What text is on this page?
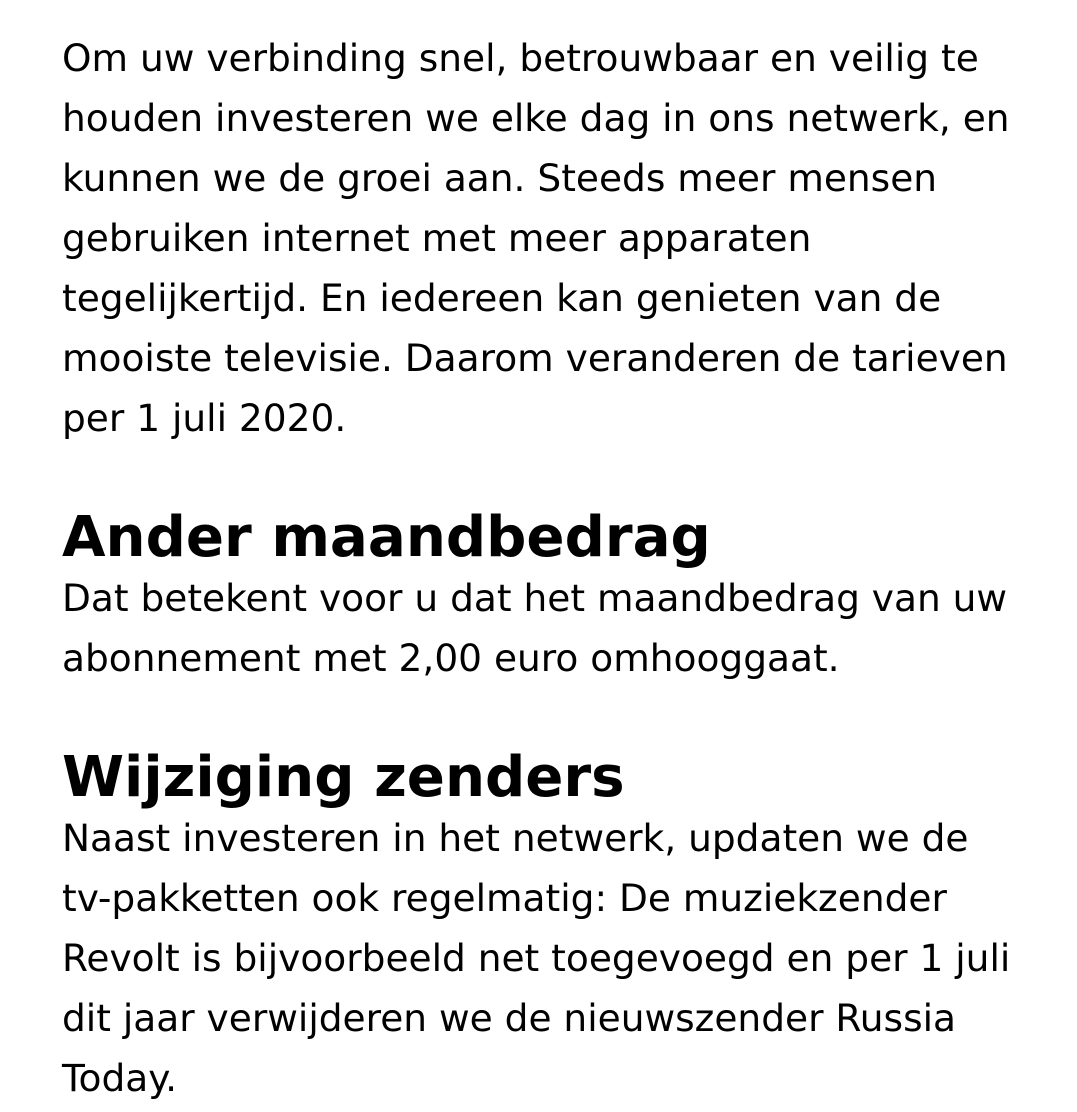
Om uw verbinding snel, betrouwbaar en veilig te
houden investeren we elke dag in ons netwerk, en
kunnen we de groei aan. Steeds meer mensen
gebruiken internet met meer apparaten
tegelijkertijd. En iedereen kan genieten van de
mooiste televisie. Daarom veranderen de tarieven
per 1 juli 2020.

Ander maandbedrag

Dat betekent voor u dat het maandbedrag van uw
abonnement met 2,00 euro omhooggaat.

Wijziging zenders

Naast investeren in het netwerk, updaten we de
tv-pakketten ook regelmatig: De muziekzender
Revolt is bijvoorbeeld net toegevoegd en per 1 juli
dit jaar verwijderen we de nieuwszender Russia
Today.
